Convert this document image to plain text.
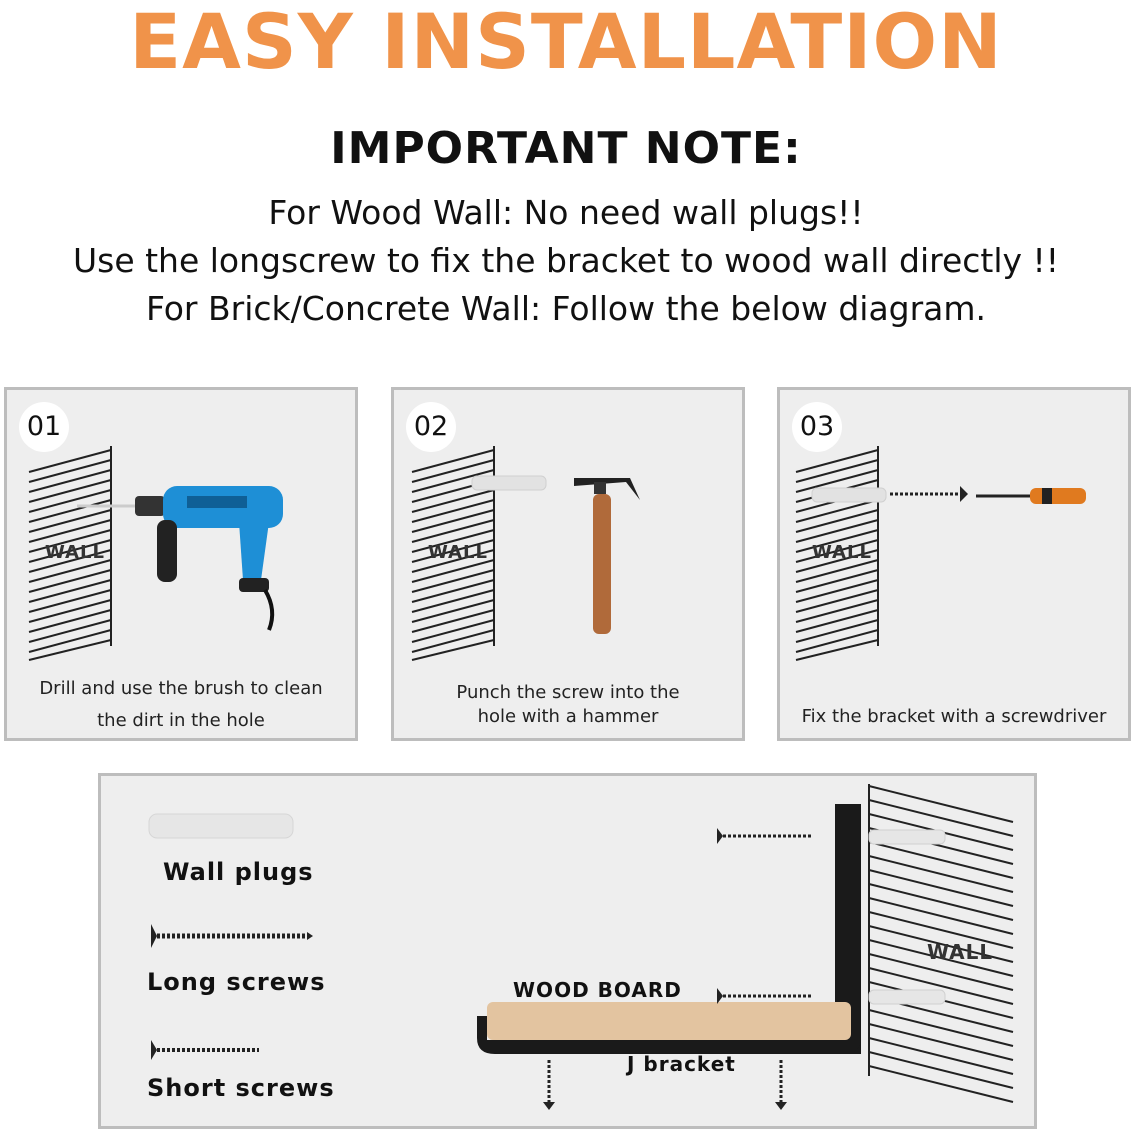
EASY INSTALLATION
IMPORTANT NOTE:
For Wood Wall: No need wall plugs!!
Use the longscrew to fix the bracket to wood wall directly !!
For Brick/Concrete Wall: Follow the below diagram.
01
WALL
Drill and use the brush to clean
the dirt in the hole
02
WALL
Punch the screw into the
hole with a hammer
03
WALL
Fix the bracket with a screwdriver
Wall plugs
Long screws
Short screws
WOOD BOARD
J bracket
WALL
